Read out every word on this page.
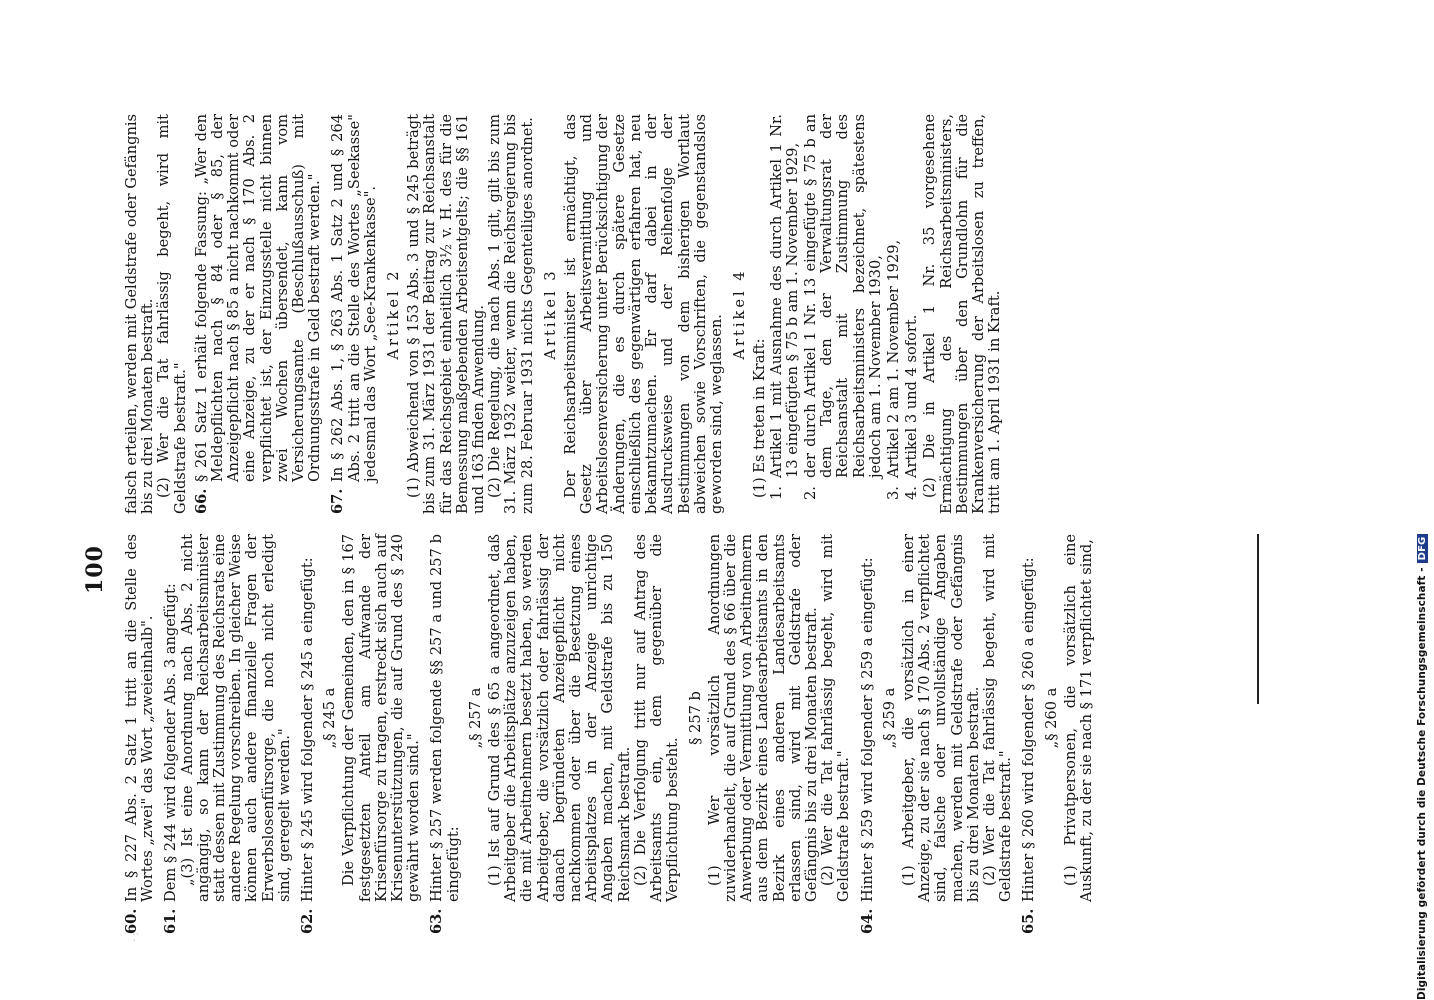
· :
100
60.
In § 227 Abs. 2 Satz 1 tritt an die Stelle des Wortes „zwei" das Wort „zweieinhalb".
61.
Dem § 244 wird folgender Abs. 3 angefügt: „(3) Ist eine Anordnung nach Abs. 2 nicht angängig, so kann der Reichsarbeitsminister statt dessen mit Zustimmung des Reichsrats eine andere Regelung vorschreiben. In gleicher Weise können auch andere finanzielle Fragen der Erwerbslosenfürsorge, die noch nicht erledigt sind, geregelt werden."
62.
Hinter § 245 wird folgender § 245 a eingefügt: „§ 245 a Die Verpflichtung der Gemeinden, den in § 167 festgesetzten Anteil am Aufwande der Krisenfürsorge zu tragen, erstreckt sich auch auf Krisenunterstützungen, die auf Grund des § 240 gewährt worden sind."
63.
Hinter § 257 werden folgende §§ 257 a und 257 b eingefügt:
„§ 257 a (1) Ist auf Grund des § 65 a angeordnet, daß Arbeitgeber die Arbeitsplätze anzuzeigen haben, die mit Arbeitnehmern besetzt haben, so werden Arbeitgeber, die vorsätzlich oder fahrlässig der danach begründeten Anzeigepflicht nicht nachkommen oder über die Besetzung eines Arbeitsplatzes in der Anzeige unrichtige Angaben machen, mit Geldstrafe bis zu 150 Reichsmark bestraft. (2) Die Verfolgung tritt nur auf Antrag des Arbeitsamts ein, dem gegenüber die Verpflichtung besteht.
§ 257 b (1) Wer vorsätzlich Anordnungen zuwiderhandelt, die auf Grund des § 66 über die Anwerbung oder Vermittlung von Arbeitnehmern aus dem Bezirk eines Landesarbeitsamts in den Bezirk eines anderen Landesarbeitsamts erlassen sind, wird mit Geldstrafe oder Gefängnis bis zu drei Monaten bestraft. (2) Wer die Tat fahrlässig begeht, wird mit Geldstrafe bestraft."
64.
Hinter § 259 wird folgender § 259 a eingefügt: „§ 259 a (1) Arbeitgeber, die vorsätzlich in einer Anzeige, zu der sie nach § 170 Abs. 2 verpflichtet sind, falsche oder unvollständige Angaben machen, werden mit Geldstrafe oder Gefängnis bis zu drei Monaten bestraft. (2) Wer die Tat fahrlässig begeht, wird mit Geldstrafe bestraft."
65.
Hinter § 260 wird folgender § 260 a eingefügt: „§ 260 a (1) Privatpersonen, die vorsätzlich eine Auskunft, zu der sie nach § 171 verpflichtet sind,
falsch erteilen, werden mit Geldstrafe oder Gefängnis bis zu drei Monaten bestraft. (2) Wer die Tat fahrlässig begeht, wird mit Geldstrafe bestraft." 66.
§ 261 Satz 1 erhält folgende Fassung: „Wer den Meldepflichten nach § 84 oder § 85, der Anzeigepflicht nach § 85 a nicht nachkommt oder eine Anzeige, zu der er nach § 170 Abs. 2 verpflichtet ist, der Einzugsstelle nicht binnen zwei Wochen übersendet, kann vom Versicherungsamte (Beschlußausschuß) mit Ordnungsstrafe in Geld bestraft werden."
67.
In § 262 Abs. 1, § 263 Abs. 1 Satz 2 und § 264 Abs. 2 tritt an die Stelle des Wortes „Seekasse" jedesmal das Wort „See-Krankenkasse". Artikel 2 (1) Abweichend von § 153 Abs. 3 und § 245 beträgt bis zum 31. März 1931 der Beitrag zur Reichsanstalt für das Reichsgebiet einheitlich 3½ v. H. des für die Bemessung maßgebenden Arbeitsentgelts; die §§ 161 und 163 finden Anwendung. (2) Die Regelung, die nach Abs. 1 gilt, gilt bis zum 31. März 1932 weiter, wenn die Reichsregierung bis zum 28. Februar 1931 nichts Gegenteiliges anordnet. Artikel 3 Der Reichsarbeitsminister ist ermächtigt, das Gesetz über Arbeitsvermittlung und Arbeitslosenversicherung unter Berücksichtigung der Änderungen, die es durch spätere Gesetze einschließlich des gegenwärtigen erfahren hat, neu bekanntzumachen. Er darf dabei in der Ausdrucksweise und der Reihenfolge der Bestimmungen von dem bisherigen Wortlaut abweichen sowie Vorschriften, die gegenstandslos geworden sind, weglassen.
Artikel 4
(1) Es treten in Kraft: 1.
Artikel 1 mit Ausnahme des durch Artikel 1 Nr. 13 eingefügten § 75 b am 1. November 1929,
2.
der durch Artikel 1 Nr. 13 eingefügte § 75 b an dem Tage, den der Verwaltungsrat der Reichsanstalt mit Zustimmung des Reichsarbeitsministers bezeichnet, spätestens jedoch am 1. November 1930,
3.
Artikel 2 am 1. November 1929,
4.
Artikel 3 und 4 sofort. (2) Die in Artikel 1 Nr. 35 vorgesehene Ermächtigung des Reichsarbeitsministers, Bestimmungen über den Grundlohn für die Krankenversicherung der Arbeitslosen zu treffen, tritt am 1. April 1931 in Kraft.
Digitalisierung gefördert durch die Deutsche Forschungsgemeinschaft -DFG
